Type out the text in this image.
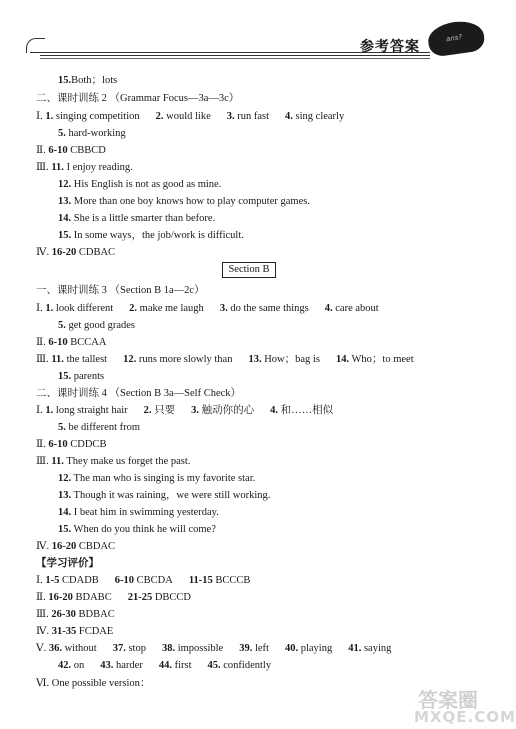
参考答案
ans?
15.Both；lots
二、课时训练 2 （Grammar Focus—3a—3c）
Ⅰ. 1. singing competition 2. would like 3. run fast 4. sing clearly
5. hard-working
Ⅱ. 6-10 CBBCD
Ⅲ. 11. I enjoy reading.
12. His English is not as good as mine.
13. More than one boy knows how to play computer games.
14. She is a little smarter than before.
15. In some ways，the job/work is difficult.
Ⅳ. 16-20 CDBAC
一、课时训练 3 （Section B 1a—2c）
Ⅰ. 1. look different 2. make me laugh 3. do the same things 4. care about
5. get good grades
Ⅱ. 6-10 BCCAA
Ⅲ. 11. the tallest 12. runs more slowly than 13. How；bag is 14. Who；to meet
15. parents
二、课时训练 4 （Section B 3a—Self Check）
Ⅰ. 1. long straight hair 2. 只要 3. 触动你的心 4. 和……相似
5. be different from
Ⅱ. 6-10 CDDCB
Ⅲ. 11. They make us forget the past.
12. The man who is singing is my favorite star.
13. Though it was raining，we were still working.
14. I beat him in swimming yesterday.
15. When do you think he will come?
Ⅳ. 16-20 CBDAC
【学习评价】
Ⅰ. 1-5 CDADB 6-10 CBCDA 11-15 BCCCB
Ⅱ. 16-20 BDABC 21-25 DBCCD
Ⅲ. 26-30 BDBAC
Ⅳ. 31-35 FCDAE
Ⅴ. 36. without 37. stop 38. impossible 39. left 40. playing 41. saying
42. on 43. harder 44. first 45. confidently
Ⅵ. One possible version：
Section B
答案圈
MXQE.COM
